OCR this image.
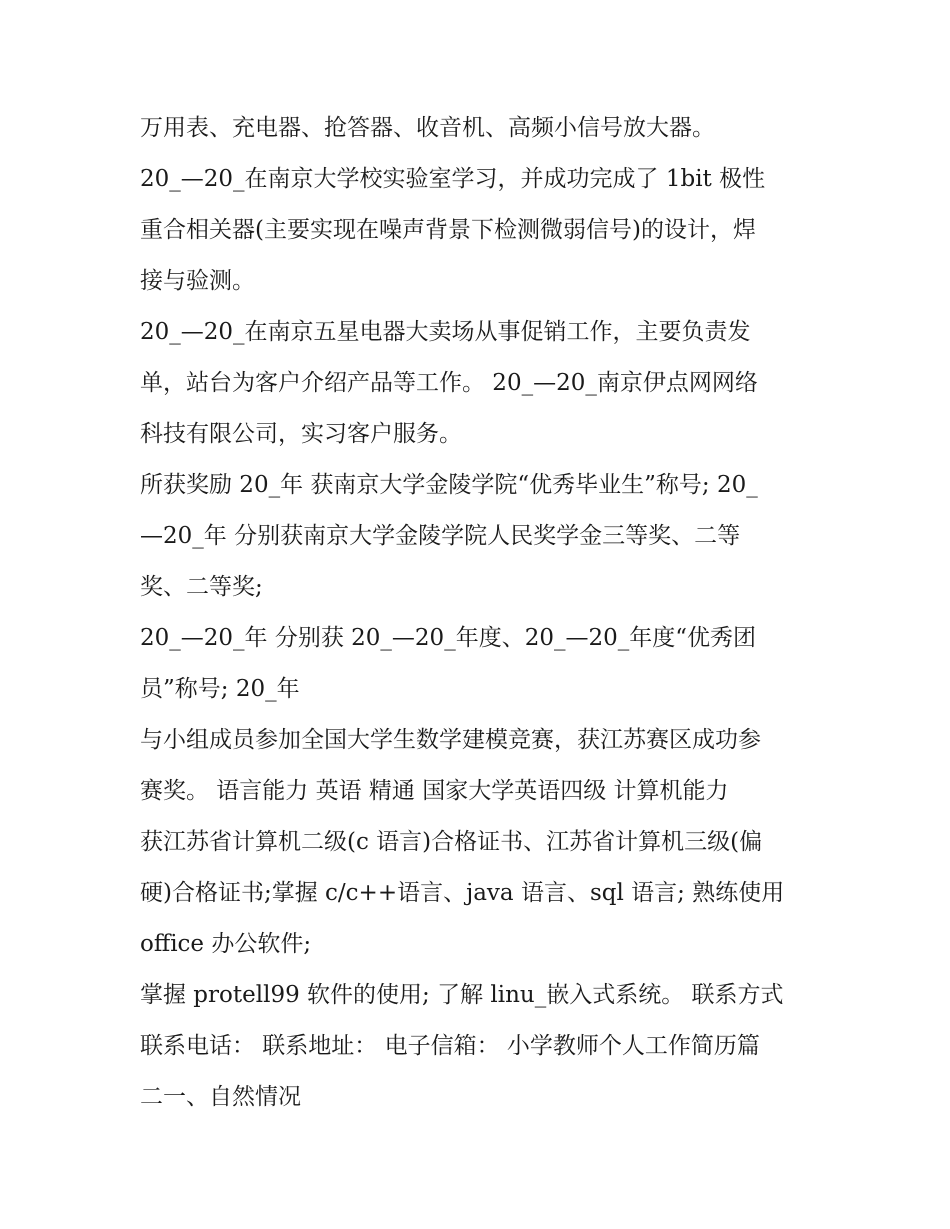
万用表、充电器、抢答器、收音机、高频小信号放大器。
20_—20_在南京大学校实验室学习，并成功完成了 1bit 极性
重合相关器(主要实现在噪声背景下检测微弱信号)的设计，焊
接与验测。
20_—20_在南京五星电器大卖场从事促销工作，主要负责发
单，站台为客户介绍产品等工作。 20_—20_南京伊点网网络
科技有限公司，实习客户服务。
所获奖励 20_年 获南京大学金陵学院“优秀毕业生”称号; 20_
—20_年 分别获南京大学金陵学院人民奖学金三等奖、二等
奖、二等奖;
20_—20_年 分别获 20_—20_年度、20_—20_年度“优秀团
员”称号; 20_年
与小组成员参加全国大学生数学建模竞赛，获江苏赛区成功参
赛奖。 语言能力 英语 精通 国家大学英语四级 计算机能力
获江苏省计算机二级(c 语言)合格证书、江苏省计算机三级(偏
硬)合格证书;掌握 c/c++语言、java 语言、sql 语言; 熟练使用
office 办公软件;
掌握 protell99 软件的使用; 了解 linu_嵌入式系统。 联系方式
联系电话： 联系地址： 电子信箱： 小学教师个人工作简历篇
二一、自然情况
